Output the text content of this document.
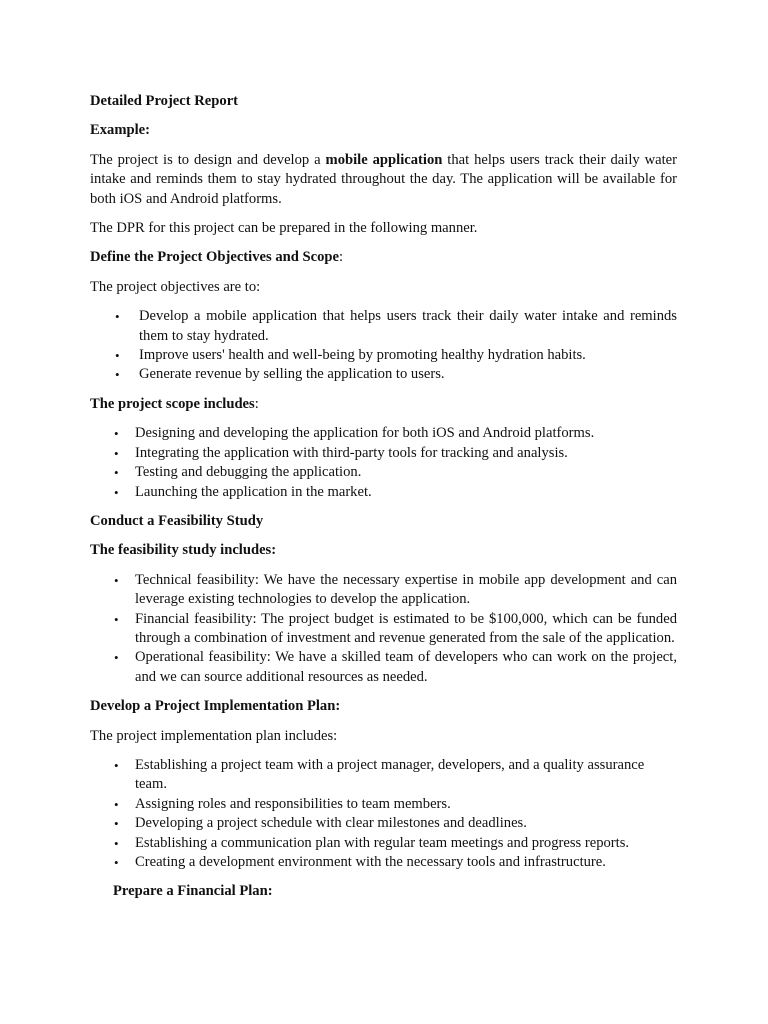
Detailed Project Report

Example:

The project is to design and develop a mobile application that helps users track their daily water intake and reminds them to stay hydrated throughout the day. The application will be available for both iOS and Android platforms.

The DPR for this project can be prepared in the following manner.

Define the Project Objectives and Scope:

The project objectives are to:

• Develop a mobile application that helps users track their daily water intake and reminds them to stay hydrated.
• Improve users' health and well-being by promoting healthy hydration habits.
• Generate revenue by selling the application to users.

The project scope includes:

• Designing and developing the application for both iOS and Android platforms.
• Integrating the application with third-party tools for tracking and analysis.
• Testing and debugging the application.
• Launching the application in the market.

Conduct a Feasibility Study

The feasibility study includes:

• Technical feasibility: We have the necessary expertise in mobile app development and can leverage existing technologies to develop the application.
• Financial feasibility: The project budget is estimated to be $100,000, which can be funded through a combination of investment and revenue generated from the sale of the application.
• Operational feasibility: We have a skilled team of developers who can work on the project, and we can source additional resources as needed.

Develop a Project Implementation Plan:

The project implementation plan includes:

• Establishing a project team with a project manager, developers, and a quality assurance team.
• Assigning roles and responsibilities to team members.
• Developing a project schedule with clear milestones and deadlines.
• Establishing a communication plan with regular team meetings and progress reports.
• Creating a development environment with the necessary tools and infrastructure.

Prepare a Financial Plan:
